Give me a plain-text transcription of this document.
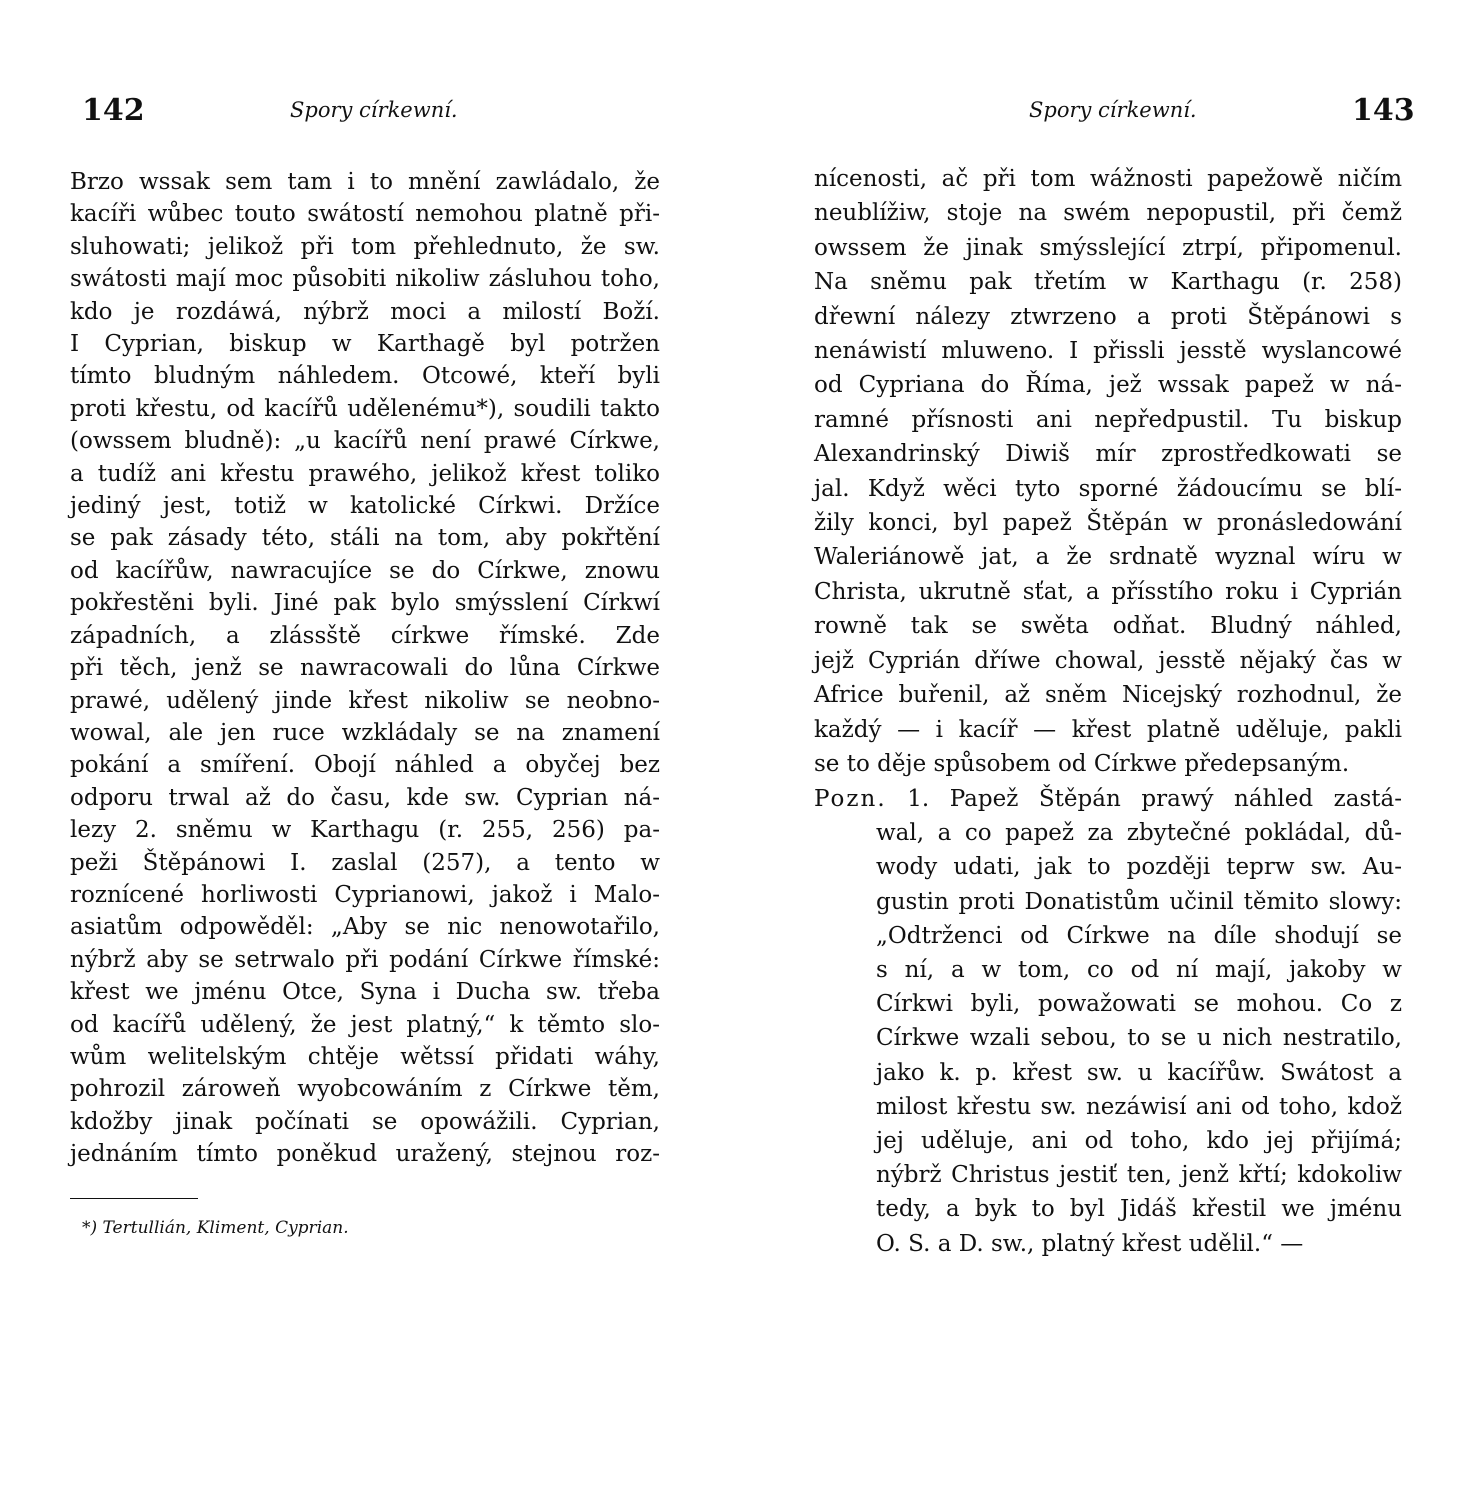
142	Spory církewní.
Brzo wssak sem tam i to mnění zawládalo, že
kacíři wůbec touto swátostí nemohou platně při-
sluhowati; jelikož při tom přehlednuto, že sw.
swátosti mají moc působiti nikoliw zásluhou toho,
kdo je rozdáwá, nýbrž moci a milostí Boží.
I Cyprian, biskup w Karthagě byl potržen
tímto bludným náhledem. Otcowé, kteří byli
proti křestu, od kacířů udělenému*), soudili takto
(owssem bludně): „u kacířů není prawé Církwe,
a tudíž ani křestu prawého, jelikož křest toliko
jediný jest, totiž w katolické Církwi. Držíce
se pak zásady této, stáli na tom, aby pokřtění
od kacířůw, nawracujíce se do Církwe, znowu
pokřestěni byli. Jiné pak bylo smýsslení Církwí
západních, a zlássště církwe římské. Zde
při těch, jenž se nawracowali do lůna Církwe
prawé, udělený jinde křest nikoliw se neobno-
wowal, ale jen ruce wzkládaly se na znamení
pokání a smíření. Obojí náhled a obyčej bez
odporu trwal až do času, kde sw. Cyprian ná-
lezy 2. sněmu w Karthagu (r. 255, 256) pa-
peži Štěpánowi I. zaslal (257), a tento w
roznícené horliwosti Cyprianowi, jakož i Malo-
asiatům odpowěděl: „Aby se nic nenowotařilo,
nýbrž aby se setrwalo při podání Církwe římské:
křest we jménu Otce, Syna i Ducha sw. třeba
od kacířů udělený, že jest platný,“ k těmto slo-
wům welitelským chtěje wětssí přidati wáhy,
pohrozil zároweň wyobcowáním z Církwe těm,
kdožby jinak počínati se opowážili. Cyprian,
jednáním tímto poněkud uražený, stejnou roz-
*) Tertullián, Kliment, Cyprian.
Spory církewní.	143
nícenosti, ač při tom wážnosti papežowě ničím
neublížiw, stoje na swém nepopustil, při čemž
owssem že jinak smýsslející ztrpí, připomenul.
Na sněmu pak třetím w Karthagu (r. 258)
dřewní nálezy ztwrzeno a proti Štěpánowi s
nenáwistí mluweno. I přissli jesstě wyslancowé
od Cypriana do Říma, jež wssak papež w ná-
ramné přísnosti ani nepředpustil. Tu biskup
Alexandrinský Diwiš mír zprostředkowati se
jal. Když wěci tyto sporné žádoucímu se blí-
žily konci, byl papež Štěpán w pronásledowání
Waleriánowě jat, a že srdnatě wyznal wíru w
Christa, ukrutně sťat, a přísstího roku i Cyprián
rowně tak se swěta odňat. Bludný náhled,
jejž Cyprián dříwe chowal, jesstě nějaký čas w
Africe buřenil, až sněm Nicejský rozhodnul, že
každý — i kacíř — křest platně uděluje, pakli
se to děje spůsobem od Církwe předepsaným.
Pozn. 1. Papež Štěpán prawý náhled zastá-
wal, a co papež za zbytečné pokládal, dů-
wody udati, jak to později teprw sw. Au-
gustin proti Donatistům učinil těmito slowy:
„Odtrženci od Církwe na díle shodují se
s ní, a w tom, co od ní mají, jakoby w
Církwi byli, powažowati se mohou. Co z
Církwe wzali sebou, to se u nich nestratilo,
jako k. p. křest sw. u kacířůw. Swátost a
milost křestu sw. nezáwisí ani od toho, kdož
jej uděluje, ani od toho, kdo jej přijímá;
nýbrž Christus jestiť ten, jenž křtí; kdokoliw
tedy, a byk to byl Jidáš křestil we jménu
O. S. a D. sw., platný křest udělil.“ —
